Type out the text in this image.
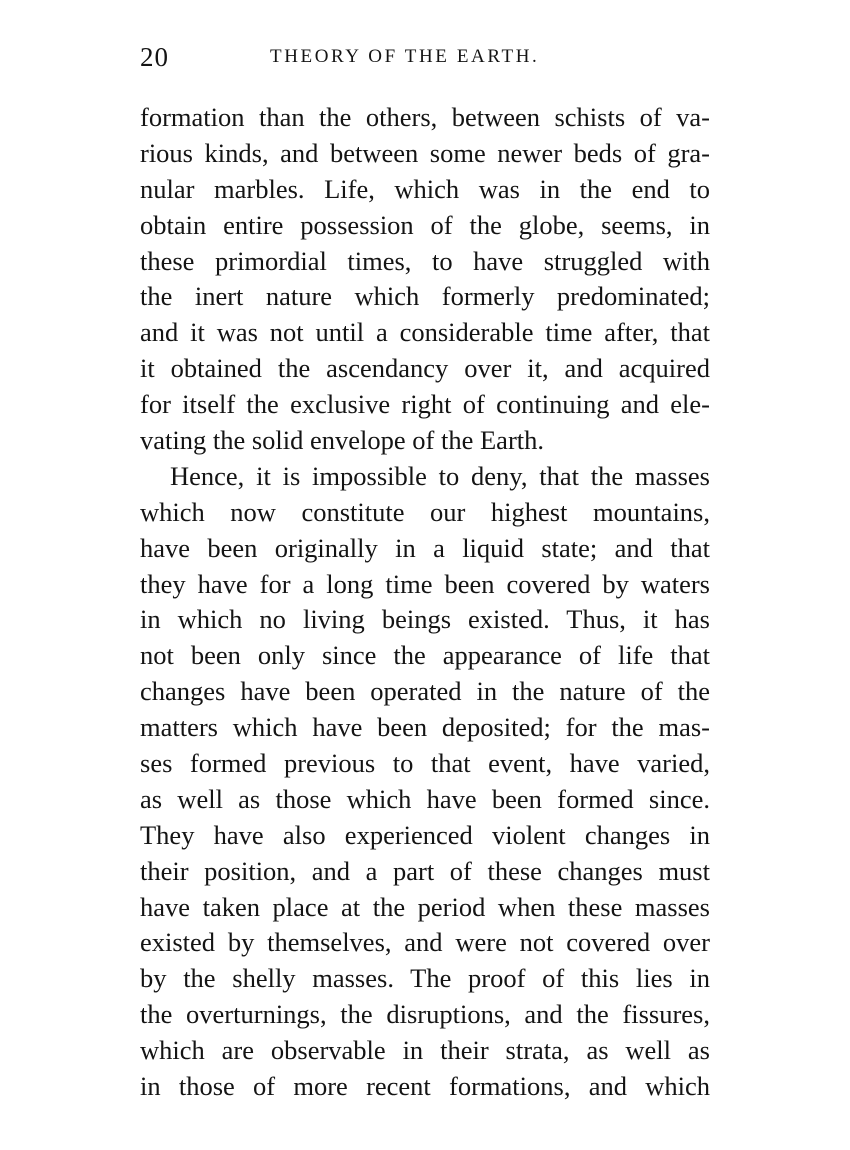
20	THEORY OF THE EARTH.
formation than the others, between schists of va-
rious kinds, and between some newer beds of gra-
nular marbles. Life, which was in the end to
obtain entire possession of the globe, seems, in
these primordial times, to have struggled with
the inert nature which formerly predominated;
and it was not until a considerable time after, that
it obtained the ascendancy over it, and acquired
for itself the exclusive right of continuing and ele-
vating the solid envelope of the Earth.
Hence, it is impossible to deny, that the masses
which now constitute our highest mountains,
have been originally in a liquid state; and that
they have for a long time been covered by waters
in which no living beings existed. Thus, it has
not been only since the appearance of life that
changes have been operated in the nature of the
matters which have been deposited; for the mas-
ses formed previous to that event, have varied,
as well as those which have been formed since.
They have also experienced violent changes in
their position, and a part of these changes must
have taken place at the period when these masses
existed by themselves, and were not covered over
by the shelly masses. The proof of this lies in
the overturnings, the disruptions, and the fissures,
which are observable in their strata, as well as
in those of more recent formations, and which
